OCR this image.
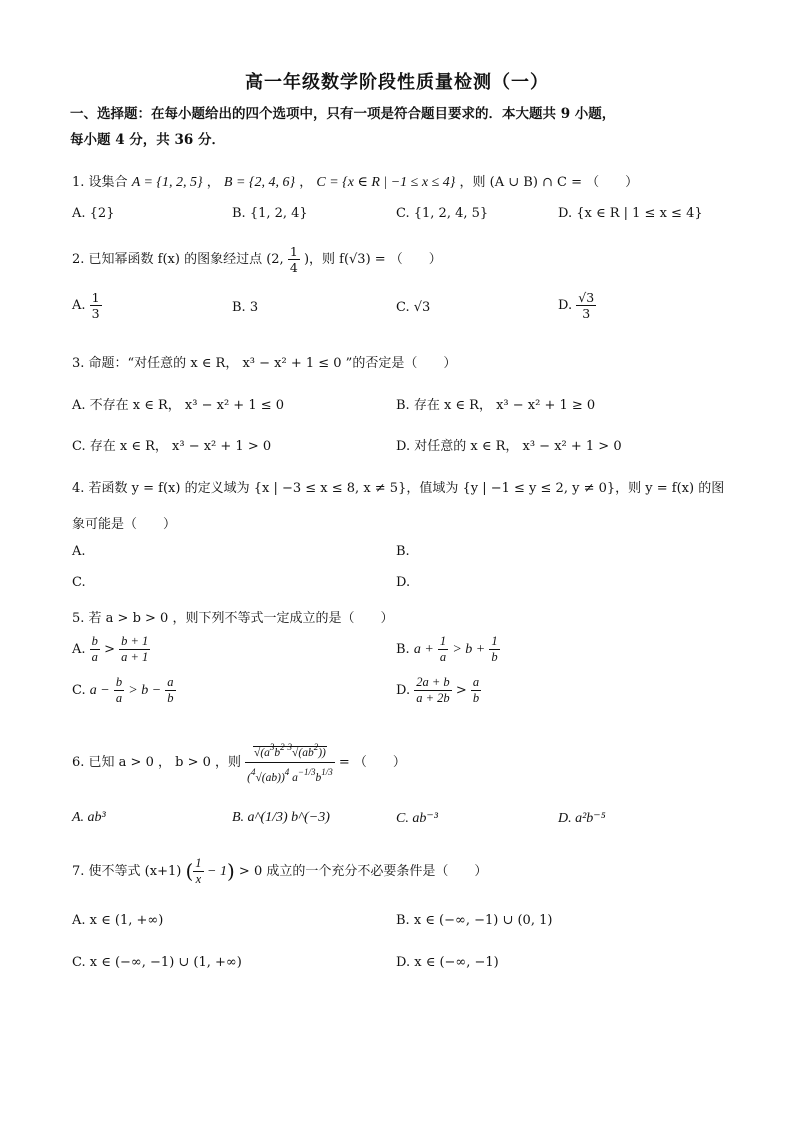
高一年级数学阶段性质量检测（一）
一、选择题：在每小题给出的四个选项中，只有一项是符合题目要求的．本大题共 9 小题，
每小题 4 分，共 36 分．
1. 设集合 A = {1, 2, 5} ， B = {2, 4, 6} ， C = {x ∈ R | −1 ≤ x ≤ 4} ，则 (A ∪ B) ∩ C = （　　）
A. {2}	B. {1, 2, 4}	C. {1, 2, 4, 5}	D. {x ∈ R | 1 ≤ x ≤ 4}
2. 已知幂函数 f(x) 的图象经过点 (2, $\frac{1}{4}$ )，则 f(√3) = （　　）
A. $\frac{1}{3}$	B. 3	C. √3	D. $\frac{√3}{3}$
3. 命题：“对任意的 x ∈ R， x³ − x² + 1 ≤ 0 ”的否定是（　　）
A. 不存在 x ∈ R， x³ − x² + 1 ≤ 0	B. 存在 x ∈ R， x³ − x² + 1 ≥ 0
C. 存在 x ∈ R， x³ − x² + 1 > 0	D. 对任意的 x ∈ R， x³ − x² + 1 > 0
4. 若函数 y = f(x) 的定义域为 {x | −3 ≤ x ≤ 8, x ≠ 5}，值域为 {y | −1 ≤ y ≤ 2, y ≠ 0}，则 y = f(x) 的图
象可能是（　　）
A.	B.
C.	D.
5. 若 a > b > 0 ，则下列不等式一定成立的是（　　）
A. $\frac{b}{a} > \frac{b + 1}{a + 1}$	B. $a + \frac{1}{a} > b + \frac{1}{b}$
C. $a - \frac{b}{a} > b - \frac{a}{b}$	D. $\frac{2a + b}{a + 2b} > \frac{a}{b}$
6. 已知 a > 0 ， b > 0 ，则 $\frac{√(a^3b^2 ^3√(ab^2))}{(^4√(ab))^4 a^{-1/3}b^{1/3}}$ = （　　）
A. ab³	B. a^(1/3) b^(−3)	C. ab⁻³	D. a²b⁻⁵
7. 使不等式 (x+1) ( $\frac{1}{x} - 1) > 0$ 成立的一个充分不必要条件是（　　）
A. x ∈ (1, +∞)	B. x ∈ (−∞, −1) ∪ (0, 1)
C. x ∈ (−∞, −1) ∪ (1, +∞)	D. x ∈ (−∞, −1)
